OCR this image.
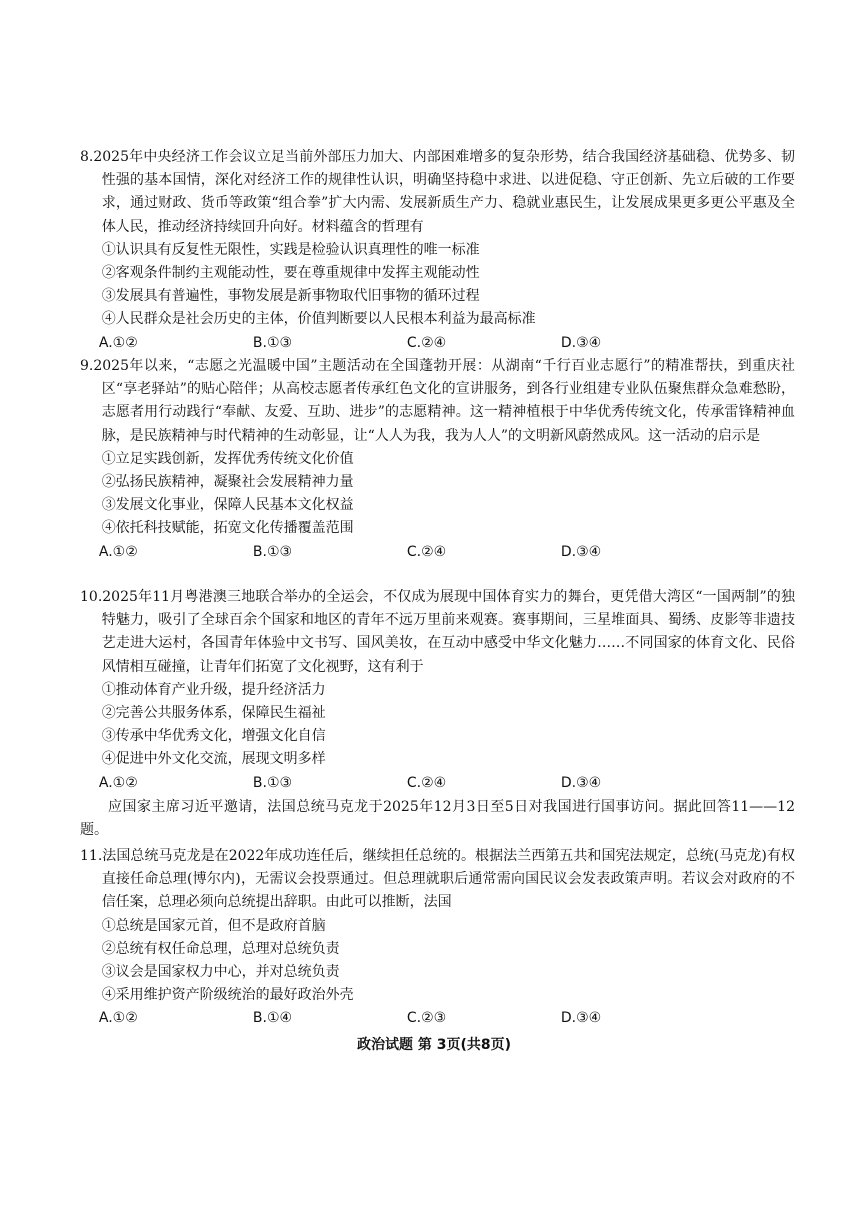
8.2025年中央经济工作会议立足当前外部压力加大、内部困难增多的复杂形势，结合我国经济基础稳、优势多、韧性强的基本国情，深化对经济工作的规律性认识，明确坚持稳中求进、以进促稳、守正创新、先立后破的工作要求，通过财政、货币等政策“组合拳”扩大内需、发展新质生产力、稳就业惠民生，让发展成果更多更公平惠及全体人民，推动经济持续回升向好。材料蕴含的哲理有

①认识具有反复性无限性，实践是检验认识真理性的唯一标准

②客观条件制约主观能动性，要在尊重规律中发挥主观能动性

③发展具有普遍性，事物发展是新事物取代旧事物的循环过程

④人民群众是社会历史的主体，价值判断要以人民根本利益为最高标准

A.①②	B.①③	C.②④	D.③④

9.2025年以来，“志愿之光温暖中国”主题活动在全国蓬勃开展：从湖南“千行百业志愿行”的精准帮扶，到重庆社区“享老驿站”的贴心陪伴；从高校志愿者传承红色文化的宣讲服务，到各行业组建专业队伍聚焦群众急难愁盼，志愿者用行动践行“奉献、友爱、互助、进步”的志愿精神。这一精神植根于中华优秀传统文化，传承雷锋精神血脉，是民族精神与时代精神的生动彰显，让“人人为我，我为人人”的文明新风蔚然成风。这一活动的启示是

①立足实践创新，发挥优秀传统文化价值

②弘扬民族精神，凝聚社会发展精神力量

③发展文化事业，保障人民基本文化权益

④依托科技赋能，拓宽文化传播覆盖范围

A.①②	B.①③	C.②④	D.③④

10.2025年11月粤港澳三地联合举办的全运会，不仅成为展现中国体育实力的舞台，更凭借大湾区“一国两制”的独特魅力，吸引了全球百余个国家和地区的青年不远万里前来观赛。赛事期间，三星堆面具、蜀绣、皮影等非遗技艺走进大运村，各国青年体验中文书写、国风美妆，在互动中感受中华文化魅力……不同国家的体育文化、民俗风情相互碰撞，让青年们拓宽了文化视野，这有利于

①推动体育产业升级，提升经济活力

②完善公共服务体系，保障民生福祉

③传承中华优秀文化，增强文化自信

④促进中外文化交流，展现文明多样

A.①②	B.①③	C.②④	D.③④

应国家主席习近平邀请，法国总统马克龙于2025年12月3日至5日对我国进行国事访问。据此回答11——12题。

11.法国总统马克龙是在2022年成功连任后，继续担任总统的。根据法兰西第五共和国宪法规定，总统(马克龙)有权直接任命总理(博尔内)，无需议会投票通过。但总理就职后通常需向国民议会发表政策声明。若议会对政府的不信任案，总理必须向总统提出辞职。由此可以推断，法国

①总统是国家元首，但不是政府首脑

②总统有权任命总理，总理对总统负责

③议会是国家权力中心，并对总统负责

④采用维护资产阶级统治的最好政治外壳

A.①②	B.①④	C.②③	D.③④
政治试题 第 3页(共8页)
